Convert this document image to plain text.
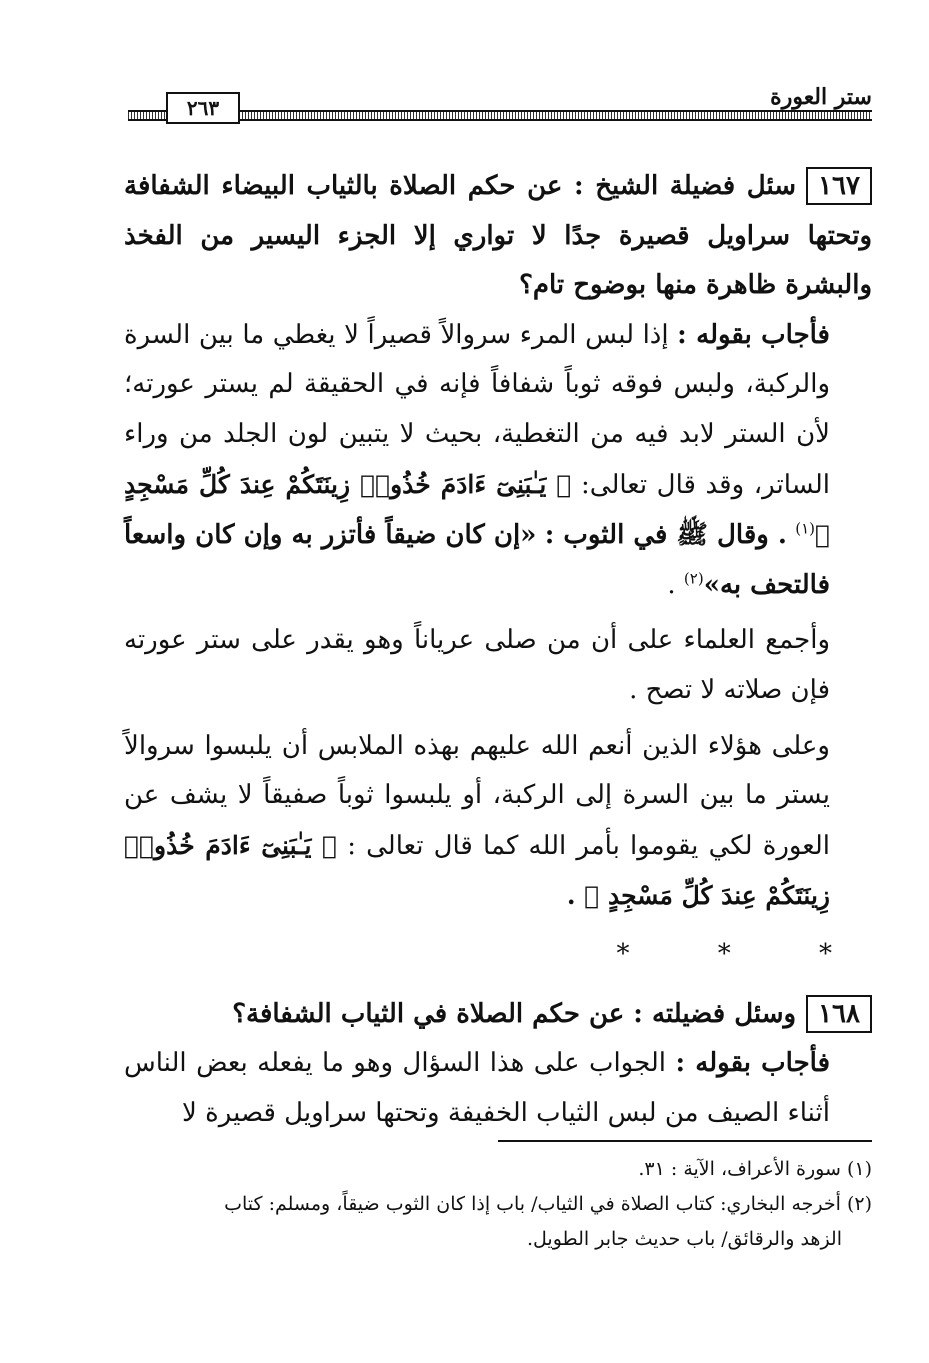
ستر العورة
٢٦٣

١٦٧سئل فضيلة الشيخ : عن حكم الصلاة بالثياب البيضاء الشفافة وتحتها سراويل قصيرة جدًا لا تواري إلا الجزء اليسير من الفخذ والبشرة ظاهرة منها بوضوح تام؟

فأجاب بقوله : إذا لبس المرء سروالاً قصيراً لا يغطي ما بين السرة والركبة، ولبس فوقه ثوباً شفافاً فإنه في الحقيقة لم يستر عورته؛ لأن الستر لابد فيه من التغطية، بحيث لا يتبين لون الجلد من وراء الساتر، وقد قال تعالى: ﴿ يَـٰبَنِىٓ ءَادَمَ خُذُوا۟ زِينَتَكُمْ عِندَ كُلِّ مَسْجِدٍ ﴾$^{(١)}$ . وقال ﷺ في الثوب : «إن كان ضيقاً فأتزر به وإن كان واسعاً فالتحف به»$^{(٢)}$ .

وأجمع العلماء على أن من صلى عرياناً وهو يقدر على ستر عورته فإن صلاته لا تصح .

وعلى هؤلاء الذين أنعم الله عليهم بهذه الملابس أن يلبسوا سروالاً يستر ما بين السرة إلى الركبة، أو يلبسوا ثوباً صفيقاً لا يشف عن العورة لكي يقوموا بأمر الله كما قال تعالى : ﴿ يَـٰبَنِىٓ ءَادَمَ خُذُوا۟ زِينَتَكُمْ عِندَ كُلِّ مَسْجِدٍ ﴾ .

* * *

١٦٨وسئل فضيلته : عن حكم الصلاة في الثياب الشفافة؟

فأجاب بقوله : الجواب على هذا السؤال وهو ما يفعله بعض الناس أثناء الصيف من لبس الثياب الخفيفة وتحتها سراويل قصيرة لا

(١) سورة الأعراف، الآية : ٣١.

(٢) أخرجه البخاري: كتاب الصلاة في الثياب/ باب إذا كان الثوب ضيقاً، ومسلم: كتاب

الزهد والرقائق/ باب حديث جابر الطويل.
